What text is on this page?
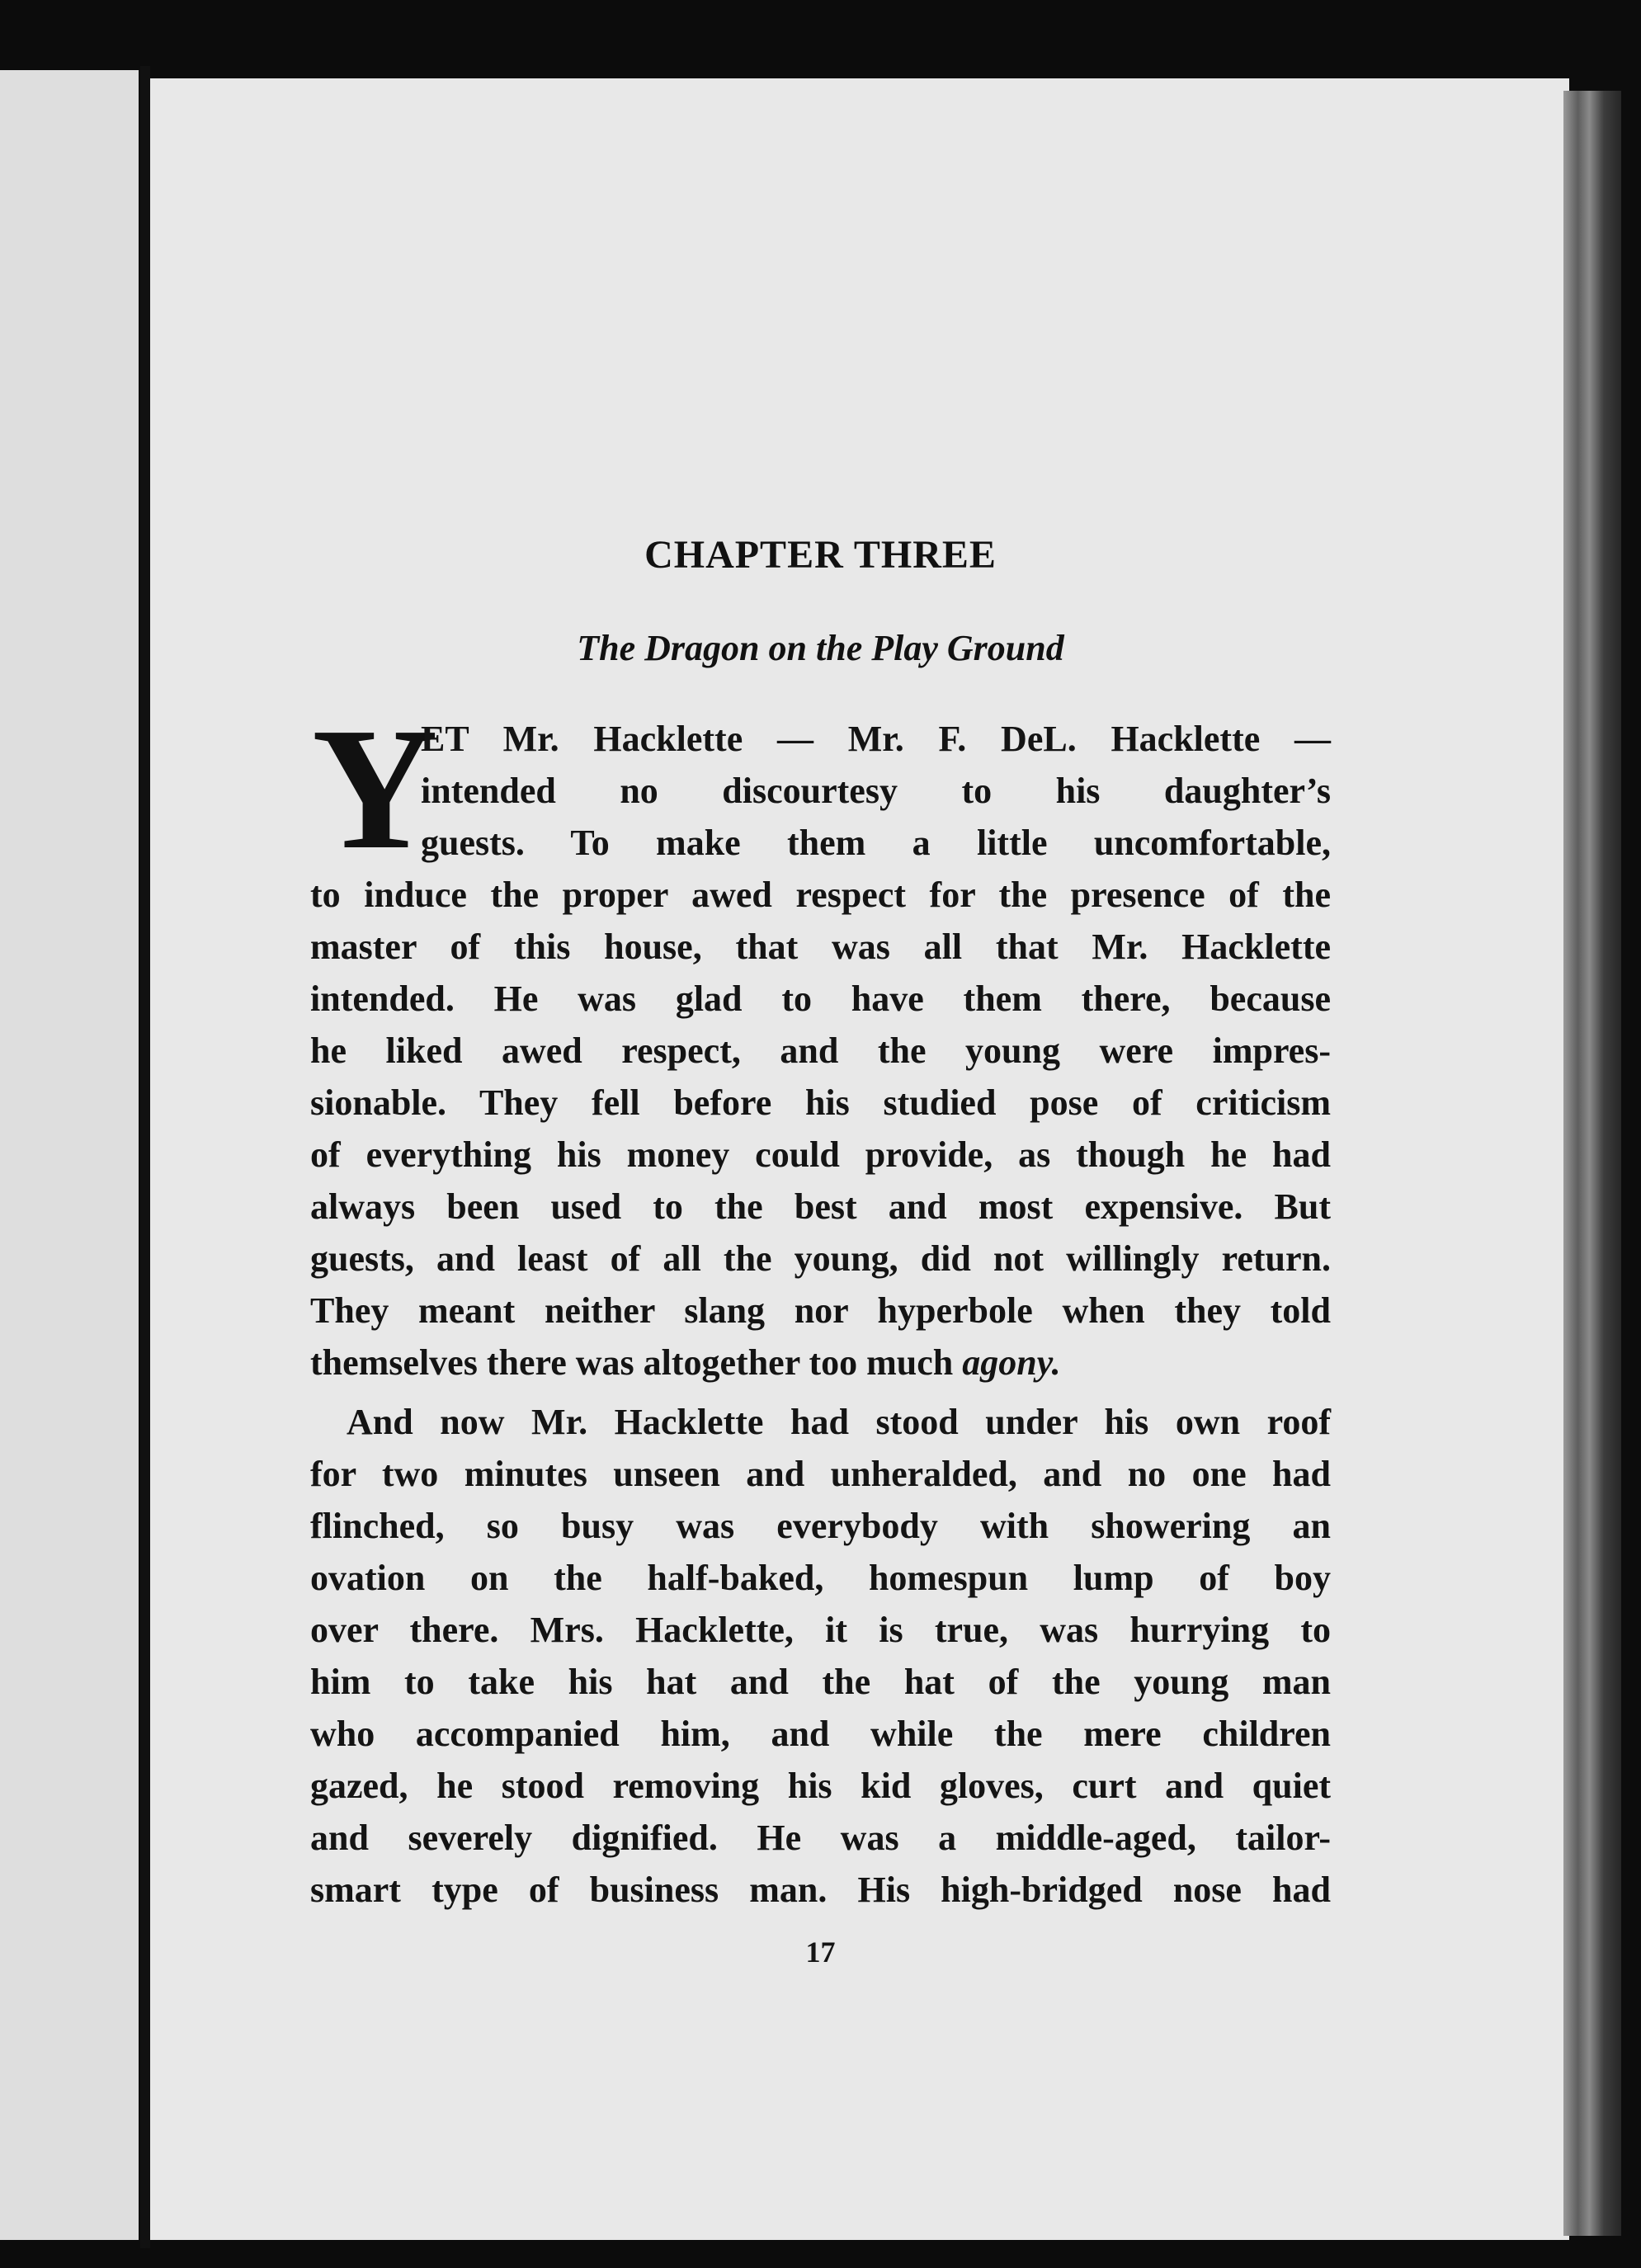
CHAPTER THREE
The Dragon on the Play Ground
Y

ET Mr. Hacklette — Mr. F. DeL. Hacklette —

intended no discourtesy to his daughter’s

guests. To make them a little uncomfortable,

to induce the proper awed respect for the presence of the

master of this house, that was all that Mr. Hacklette

intended. He was glad to have them there, because

he liked awed respect, and the young were impres-

sionable. They fell before his studied pose of criticism

of everything his money could provide, as though he had

always been used to the best and most expensive. But

guests, and least of all the young, did not willingly return.

They meant neither slang nor hyperbole when they told

themselves there was altogether too much agony.

And now Mr. Hacklette had stood under his own roof

for two minutes unseen and unheralded, and no one had

flinched, so busy was everybody with showering an

ovation on the half-baked, homespun lump of boy

over there. Mrs. Hacklette, it is true, was hurrying to

him to take his hat and the hat of the young man

who accompanied him, and while the mere children

gazed, he stood removing his kid gloves, curt and quiet

and severely dignified. He was a middle-aged, tailor-

smart type of business man. His high-bridged nose had

17
